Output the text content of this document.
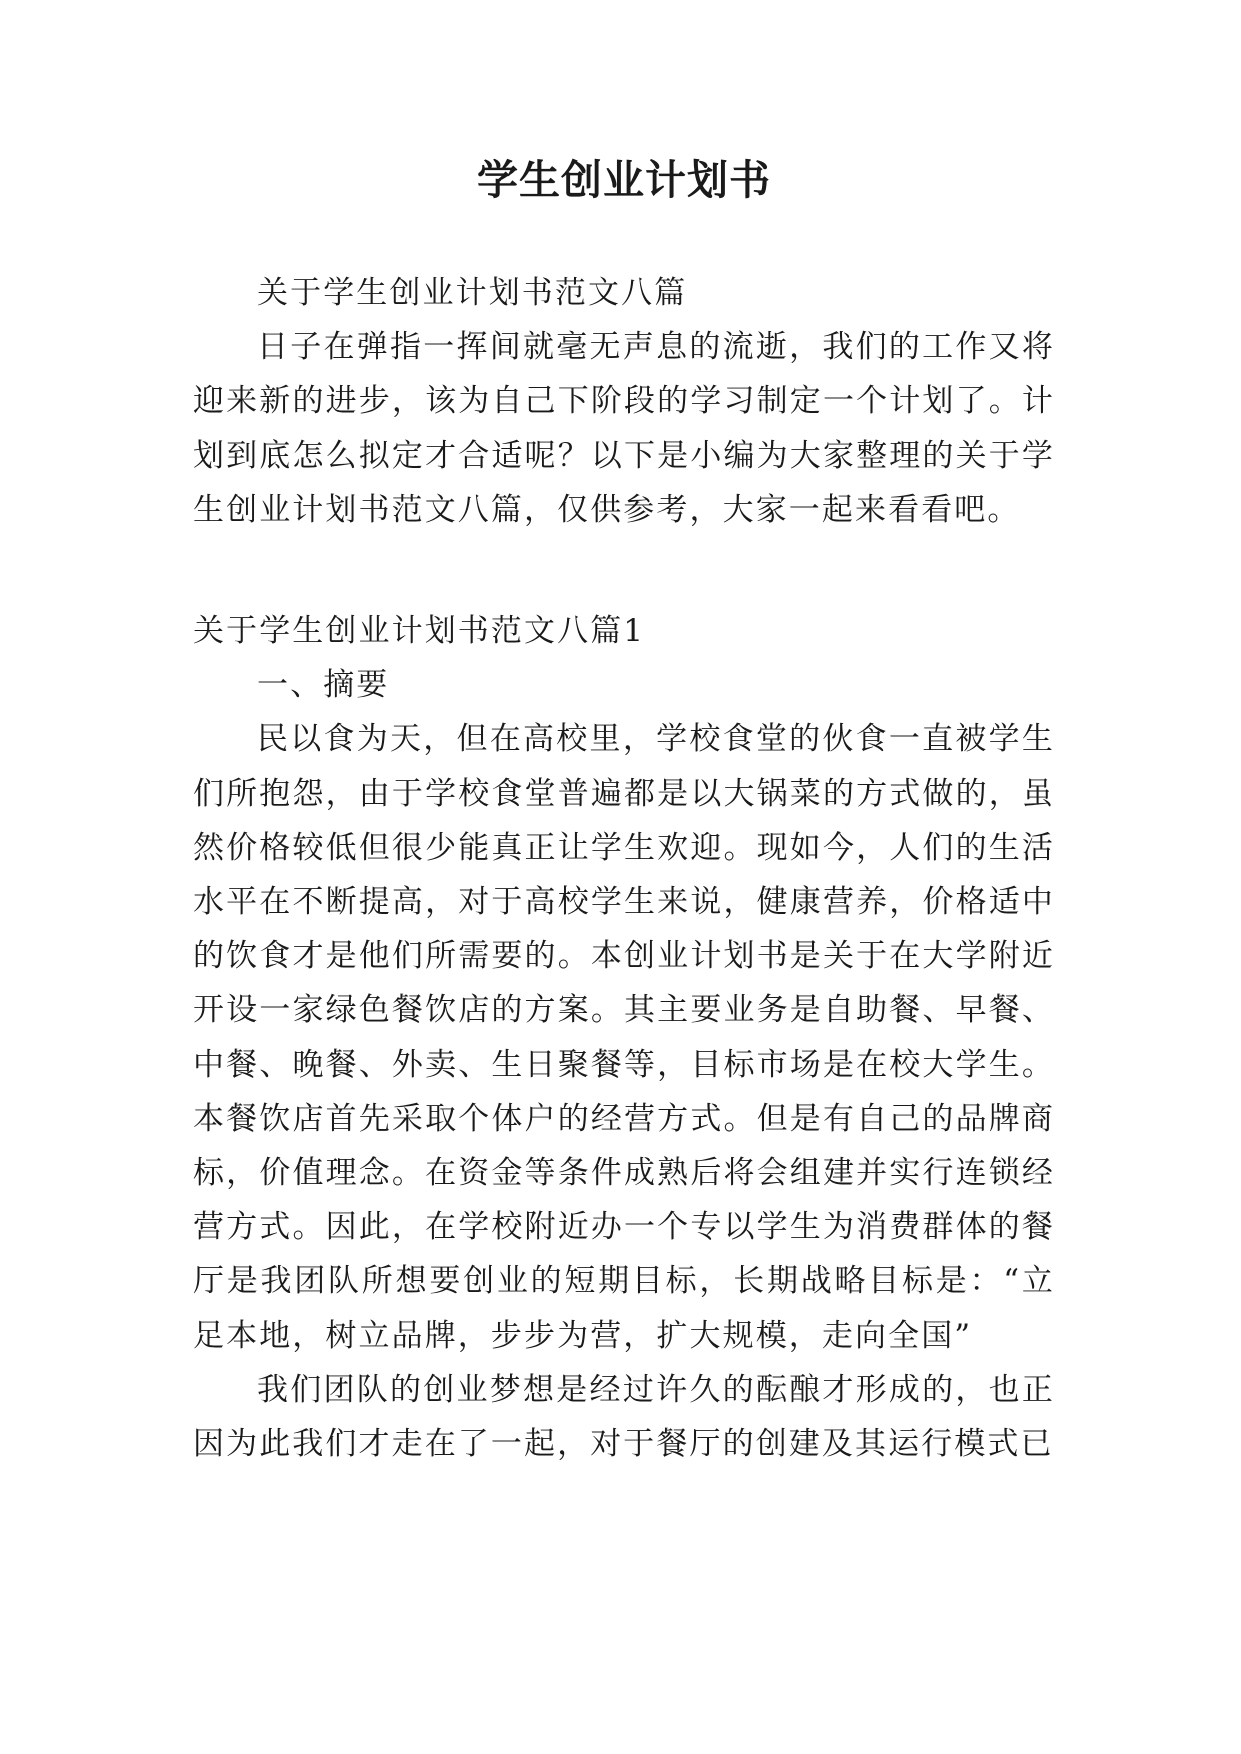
学生创业计划书

关于学生创业计划书范文八篇

日子在弹指一挥间就毫无声息的流逝，我们的工作又将迎来新的进步，该为自己下阶段的学习制定一个计划了。计划到底怎么拟定才合适呢？以下是小编为大家整理的关于学生创业计划书范文八篇，仅供参考，大家一起来看看吧。

关于学生创业计划书范文八篇1

一、摘要

民以食为天，但在高校里，学校食堂的伙食一直被学生们所抱怨，由于学校食堂普遍都是以大锅菜的方式做的，虽然价格较低但很少能真正让学生欢迎。现如今，人们的生活水平在不断提高，对于高校学生来说，健康营养，价格适中的饮食才是他们所需要的。本创业计划书是关于在大学附近开设一家绿色餐饮店的方案。其主要业务是自助餐、早餐、中餐、晚餐、外卖、生日聚餐等，目标市场是在校大学生。本餐饮店首先采取个体户的经营方式。但是有自己的品牌商标，价值理念。在资金等条件成熟后将会组建并实行连锁经营方式。因此，在学校附近办一个专以学生为消费群体的餐厅是我团队所想要创业的短期目标，长期战略目标是：“立足本地，树立品牌，步步为营，扩大规模，走向全国”

我们团队的创业梦想是经过许久的酝酿才形成的，也正因为此我们才走在了一起，对于餐厅的创建及其运行模式已
